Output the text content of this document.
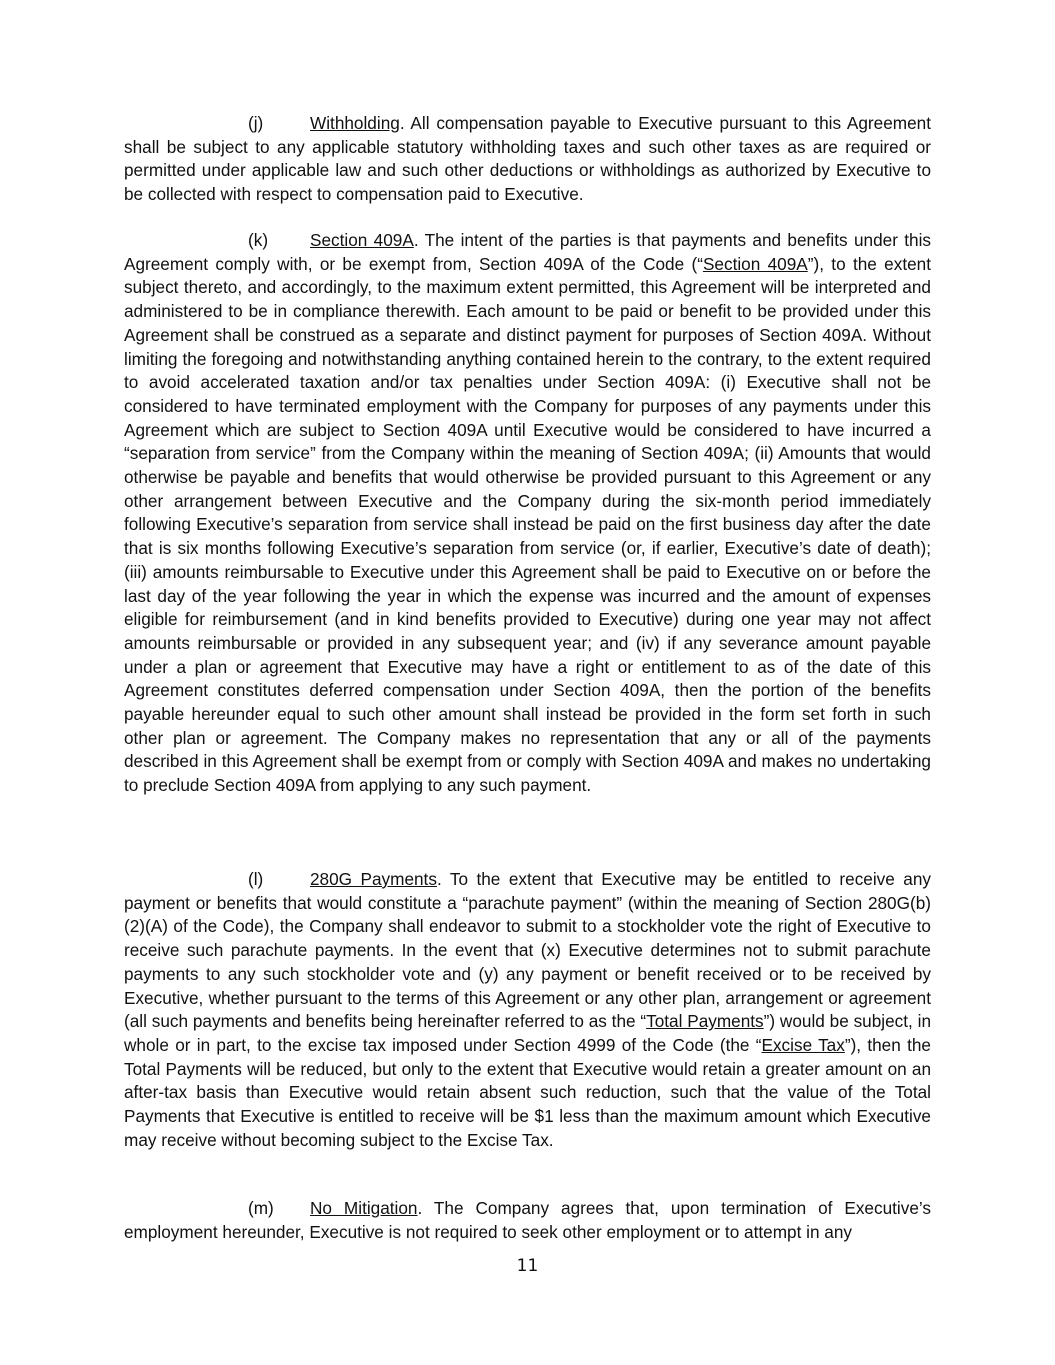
(j)	Withholding. All compensation payable to Executive pursuant to this Agreement shall be subject to any applicable statutory withholding taxes and such other taxes as are required or permitted under applicable law and such other deductions or withholdings as authorized by Executive to be collected with respect to compensation paid to Executive.

(k) Section 409A. The intent of the parties is that payments and benefits under this Agreement comply with, or be exempt from, Section 409A of the Code (“Section 409A”), to the extent subject thereto, and accordingly, to the maximum extent permitted, this Agreement will be interpreted and administered to be in compliance therewith. Each amount to be paid or benefit to be provided under this Agreement shall be construed as a separate and distinct payment for purposes of Section 409A. Without limiting the foregoing and notwithstanding anything contained herein to the contrary, to the extent required to avoid accelerated taxation and/or tax penalties under Section 409A: (i) Executive shall not be considered to have terminated employment with the Company for purposes of any payments under this Agreement which are subject to Section 409A until Executive would be considered to have incurred a “separation from service” from the Company within the meaning of Section 409A; (ii) Amounts that would otherwise be payable and benefits that would otherwise be provided pursuant to this Agreement or any other arrangement between Executive and the Company during the six-month period immediately following Executive’s separation from service shall instead be paid on the first business day after the date that is six months following Executive’s separation from service (or, if earlier, Executive’s date of death); (iii) amounts reimbursable to Executive under this Agreement shall be paid to Executive on or before the last day of the year following the year in which the expense was incurred and the amount of expenses eligible for reimbursement (and in kind benefits provided to Executive) during one year may not affect amounts reimbursable or provided in any subsequent year; and (iv) if any severance amount payable under a plan or agreement that Executive may have a right or entitlement to as of the date of this Agreement constitutes deferred compensation under Section 409A, then the portion of the benefits payable hereunder equal to such other amount shall instead be provided in the form set forth in such other plan or agreement. The Company makes no representation that any or all of the payments described in this Agreement shall be exempt from or comply with Section 409A and makes no undertaking to preclude Section 409A from applying to any such payment.

(l)	280G Payments. To the extent that Executive may be entitled to receive any payment or benefits that would constitute a “parachute payment” (within the meaning of Section 280G(b)(2)(A) of the Code), the Company shall endeavor to submit to a stockholder vote the right of Executive to receive such parachute payments. In the event that (x) Executive determines not to submit parachute payments to any such stockholder vote and (y) any payment or benefit received or to be received by Executive, whether pursuant to the terms of this Agreement or any other plan, arrangement or agreement (all such payments and benefits being hereinafter referred to as the “Total Payments”) would be subject, in whole or in part, to the excise tax imposed under Section 4999 of the Code (the “Excise Tax”), then the Total Payments will be reduced, but only to the extent that Executive would retain a greater amount on an after-tax basis than Executive would retain absent such reduction, such that the value of the Total Payments that Executive is entitled to receive will be $1 less than the maximum amount which Executive may receive without becoming subject to the Excise Tax.

(m) No Mitigation. The Company agrees that, upon termination of Executive’s employment hereunder, Executive is not required to seek other employment or to attempt in any

11
